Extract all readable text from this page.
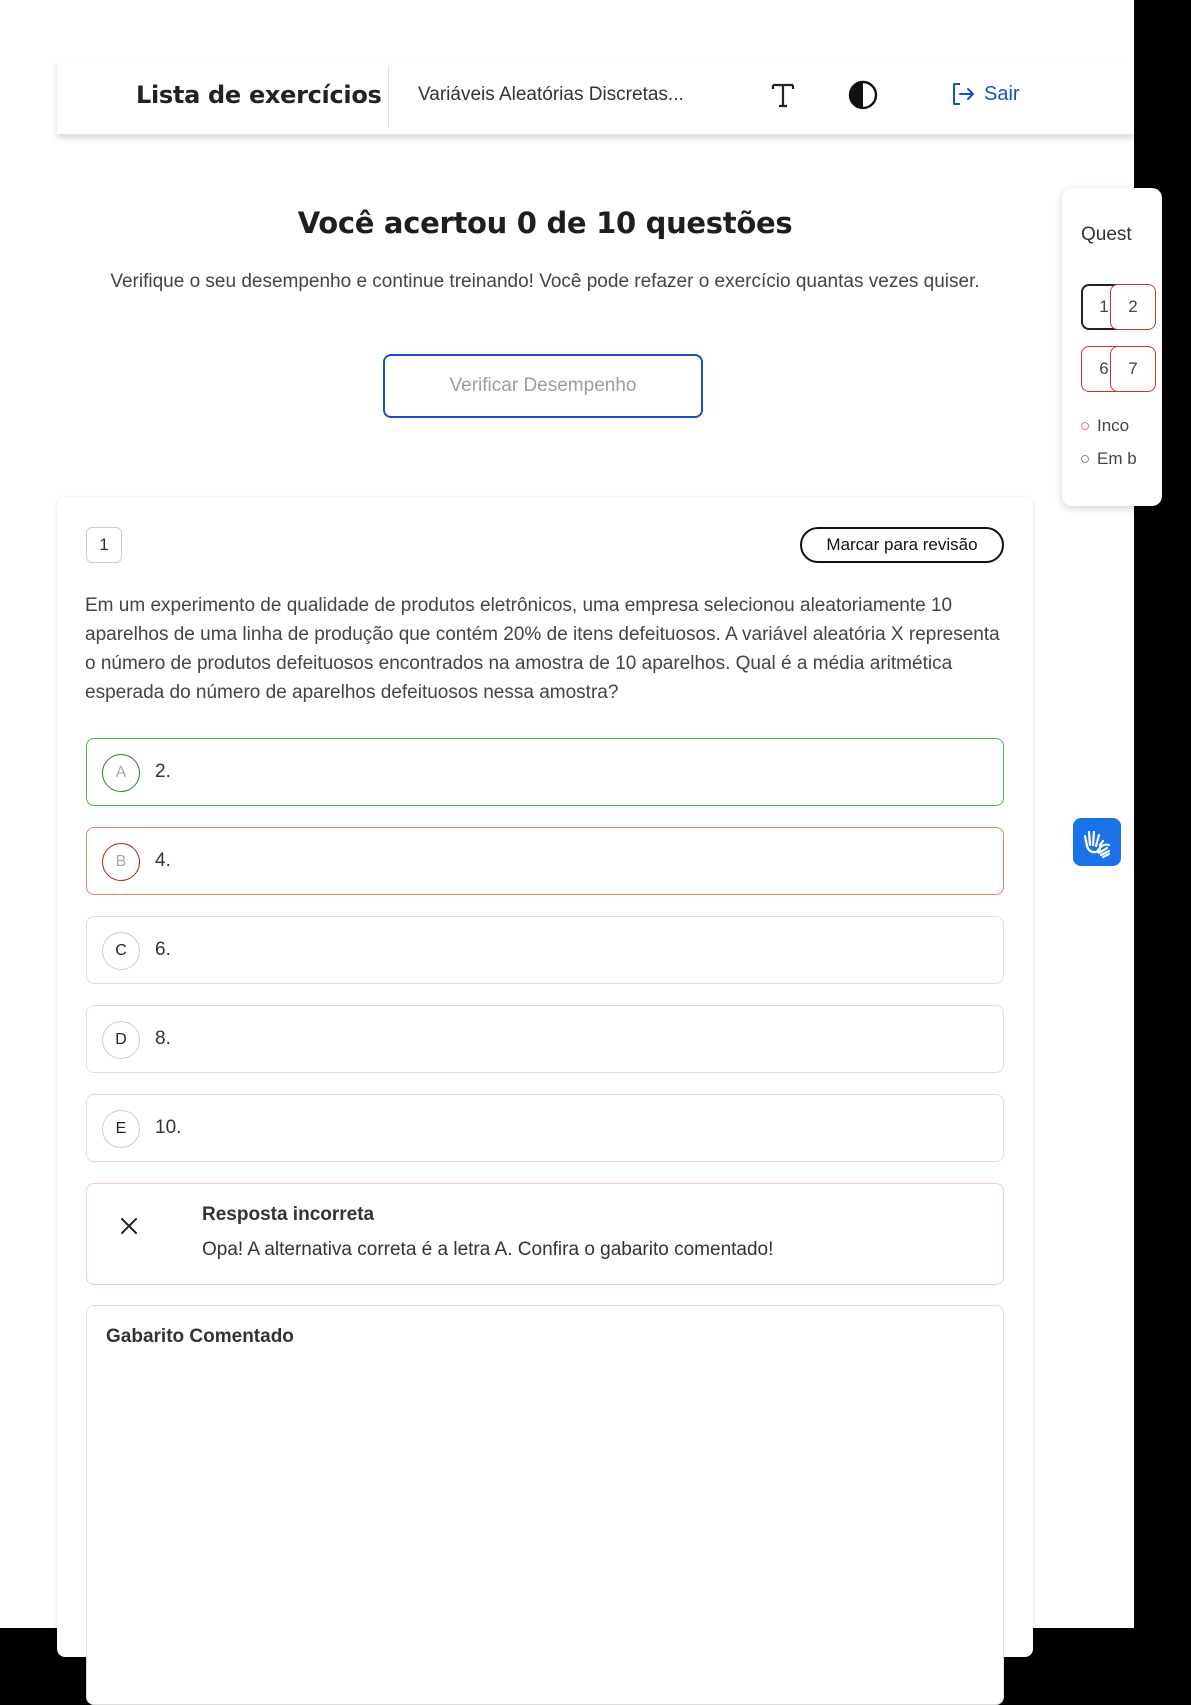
Lista de exercícios Variáveis Aleatórias Discretas...	Sair
Você acertou 0 de 10 questões
Verifique o seu desempenho e continue treinando! Você pode refazer o exercício quantas vezes quiser.
Verificar Desempenho
Quest
1	2
6	7
Inco
Em b
1	Marcar para revisão

Em um experimento de qualidade de produtos eletrônicos, uma empresa selecionou aleatoriamente 10 aparelhos de uma linha de produção que contém 20% de itens defeituosos. A variável aleatória X representa o número de produtos defeituosos encontrados na amostra de 10 aparelhos. Qual é a média aritmética esperada do número de aparelhos defeituosos nessa amostra?

A	2.
B	4.
C	6.
D	8.
E	10.
Resposta incorreta
Opa! A alternativa correta é a letra A. Confira o gabarito comentado!
Gabarito Comentado
